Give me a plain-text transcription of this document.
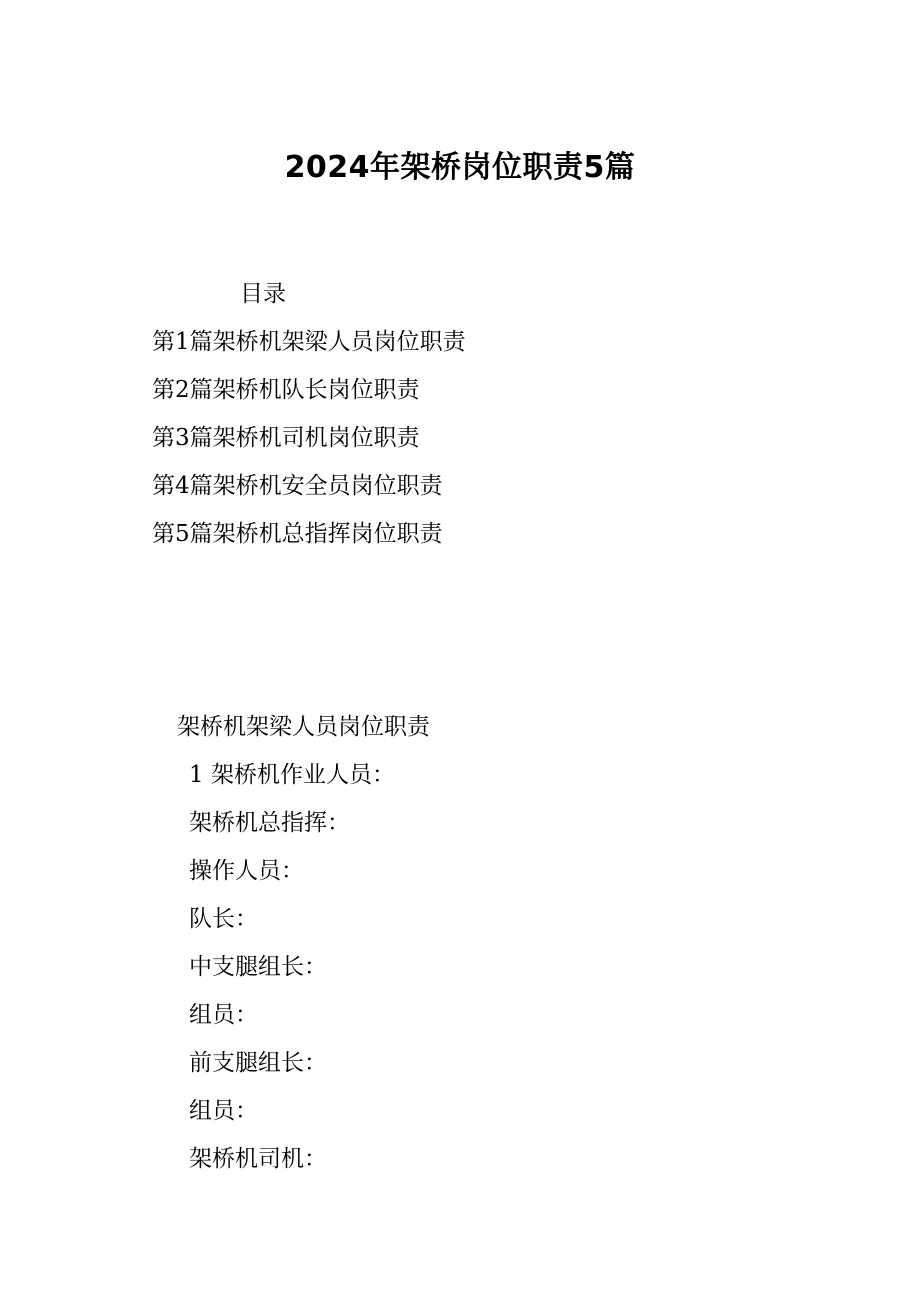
2024年架桥岗位职责5篇
目录
第1篇架桥机架梁人员岗位职责
第2篇架桥机队长岗位职责
第3篇架桥机司机岗位职责
第4篇架桥机安全员岗位职责
第5篇架桥机总指挥岗位职责
架桥机架梁人员岗位职责
1 架桥机作业人员：
架桥机总指挥：
操作人员：
队长：
中支腿组长：
组员：
前支腿组长：
组员：
架桥机司机：
